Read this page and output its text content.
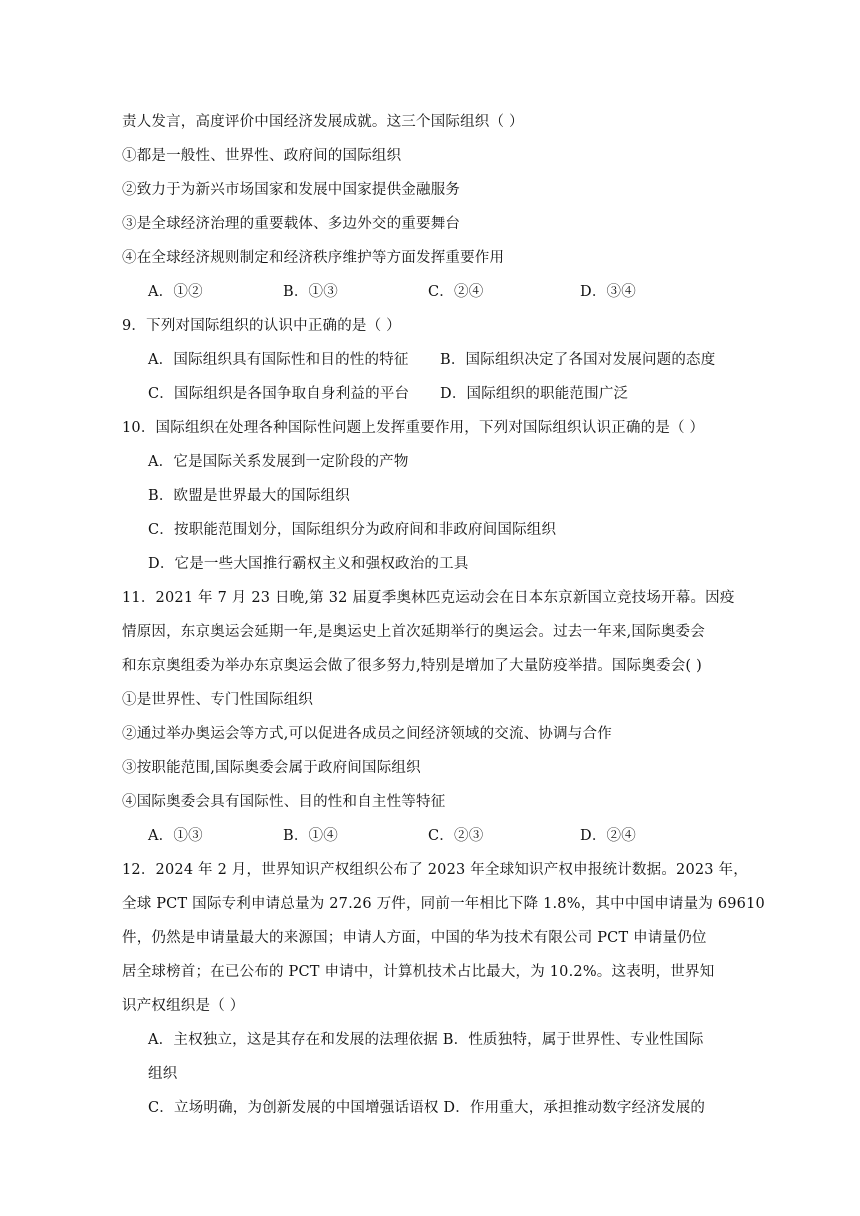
责人发言，高度评价中国经济发展成就。这三个国际组织（ ）
①都是一般性、世界性、政府间的国际组织
②致力于为新兴市场国家和发展中国家提供金融服务
③是全球经济治理的重要载体、多边外交的重要舞台
④在全球经济规则制定和经济秩序维护等方面发挥重要作用
A．①②	B．①③	C．②④	D．③④
9．下列对国际组织的认识中正确的是（ ）
A．国际组织具有国际性和目的性的特征 B．国际组织决定了各国对发展问题的态度
C．国际组织是各国争取自身利益的平台 D．国际组织的职能范围广泛
10．国际组织在处理各种国际性问题上发挥重要作用，下列对国际组织认识正确的是（ ）
A．它是国际关系发展到一定阶段的产物
B．欧盟是世界最大的国际组织
C．按职能范围划分，国际组织分为政府间和非政府间国际组织
D．它是一些大国推行霸权主义和强权政治的工具
11．2021 年 7 月 23 日晚,第 32 届夏季奥林匹克运动会在日本东京新国立竞技场开幕。因疫
情原因，东京奥运会延期一年,是奥运史上首次延期举行的奥运会。过去一年来,国际奥委会
和东京奥组委为举办东京奥运会做了很多努力,特别是增加了大量防疫举措。国际奥委会( )
①是世界性、专门性国际组织
②通过举办奥运会等方式,可以促进各成员之间经济领域的交流、协调与合作
③按职能范围,国际奥委会属于政府间国际组织
④国际奥委会具有国际性、目的性和自主性等特征
A．①③	B．①④	C．②③	D．②④
12．2024 年 2 月，世界知识产权组织公布了 2023 年全球知识产权申报统计数据。2023 年，
全球 PCT 国际专利申请总量为 27.26 万件，同前一年相比下降 1.8%，其中中国申请量为 69610
件，仍然是申请量最大的来源国；申请人方面，中国的华为技术有限公司 PCT 申请量仍位
居全球榜首；在已公布的 PCT 申请中，计算机技术占比最大，为 10.2%。这表明，世界知
识产权组织是（ ）
A．主权独立，这是其存在和发展的法理依据 B．性质独特，属于世界性、专业性国际
组织
C．立场明确，为创新发展的中国增强话语权 D．作用重大，承担推动数字经济发展的
